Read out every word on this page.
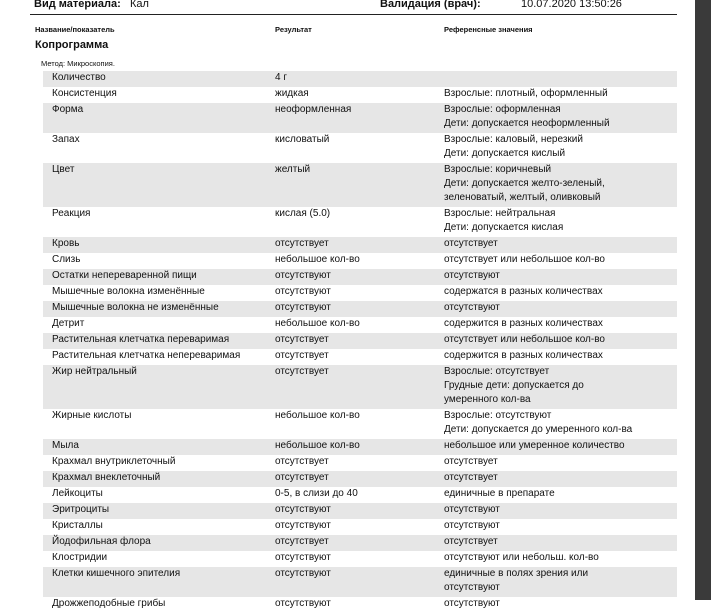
Вид материала: Кал	Валидация (врач):	10.07.2020 13:50:26
Название/показатель	Результат	Референсные значения
Копрограмма
Метод: Микроскопия.
Количество	4 г
Консистенция	жидкая	Взрослые: плотный, оформленный
Форма	неоформленная	Взрослые: оформленная
Дети: допускается неоформленный
Запах	кисловатый	Взрослые: каловый, нерезкий
Дети: допускается кислый
Цвет	желтый	Взрослые: коричневый
Дети: допускается желто-зеленый,
зеленоватый, желтый, оливковый
Реакция	кислая (5.0)	Взрослые: нейтральная
Дети: допускается кислая
Кровь	отсутствует	отсутствует
Слизь	небольшое кол-во	отсутствует или небольшое кол-во
Остатки непереваренной пищи	отсутствуют	отсутствуют
Мышечные волокна изменённые	отсутствуют	содержатся в разных количествах
Мышечные волокна не изменённые	отсутствуют	отсутствуют
Детрит	небольшое кол-во	содержится в разных количествах
Растительная клетчатка переваримая	отсутствует	отсутствует или небольшое кол-во
Растительная клетчатка непереваримая	отсутствует	содержится в разных количествах
Жир нейтральный	отсутствует	Взрослые: отсутствует
Грудные дети: допускается до
умеренного кол-ва
Жирные кислоты	небольшое кол-во	Взрослые: отсутствуют
Дети: допускается до умеренного кол-ва
Мыла	небольшое кол-во	небольшое или умеренное количество
Крахмал внутриклеточный	отсутствует	отсутствует
Крахмал внеклеточный	отсутствует	отсутствует
Лейкоциты	0-5, в слизи до 40	единичные в препарате
Эритроциты	отсутствуют	отсутствуют
Кристаллы	отсутствуют	отсутствуют
Йодофильная флора	отсутствует	отсутствует
Клостридии	отсутствуют	отсутствуют или небольш. кол-во
Клетки кишечного эпителия	отсутствуют	единичные в полях зрения или
отсутствуют
Дрожжеподобные грибы	отсутствуют	отсутствуют
